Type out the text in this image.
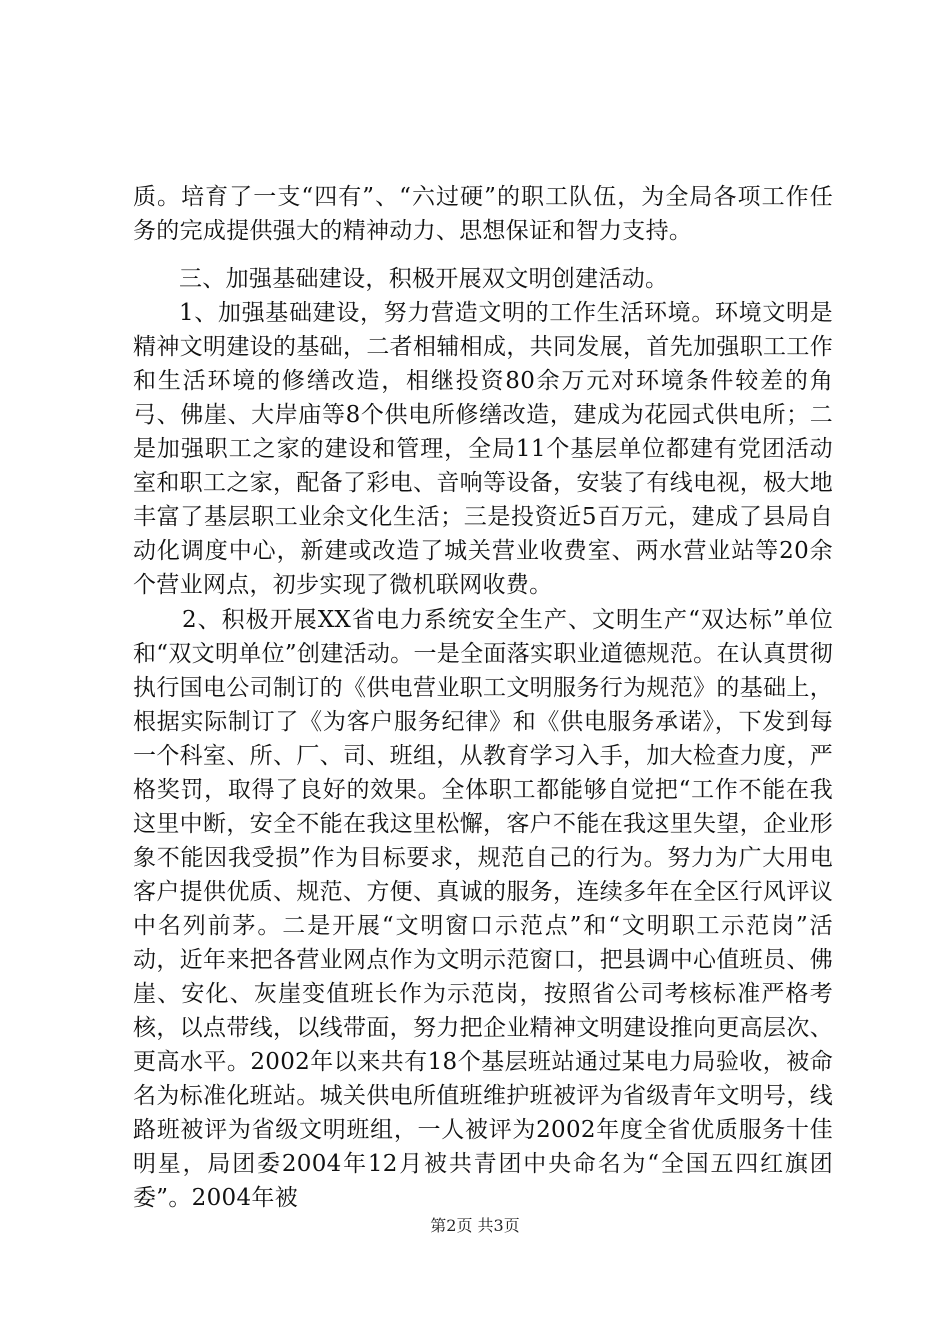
质。培育了一支“四有”、“六过硬”的职工队伍，为全局各项工作任务的完成提供强大的精神动力、思想保证和智力支持。

三、加强基础建设，积极开展双文明创建活动。

1、加强基础建设，努力营造文明的工作生活环境。环境文明是精神文明建设的基础，二者相辅相成，共同发展，首先加强职工工作和生活环境的修缮改造，相继投资80余万元对环境条件较差的角弓、佛崖、大岸庙等8个供电所修缮改造，建成为花园式供电所；二是加强职工之家的建设和管理，全局11个基层单位都建有党团活动室和职工之家，配备了彩电、音响等设备，安装了有线电视，极大地丰富了基层职工业余文化生活；三是投资近5百万元，建成了县局自动化调度中心，新建或改造了城关营业收费室、两水营业站等20余个营业网点，初步实现了微机联网收费。

2、积极开展XX省电力系统安全生产、文明生产“双达标”单位和“双文明单位”创建活动。一是全面落实职业道德规范。在认真贯彻执行国电公司制订的《供电营业职工文明服务行为规范》的基础上，根据实际制订了《为客户服务纪律》和《供电服务承诺》，下发到每一个科室、所、厂、司、班组，从教育学习入手，加大检查力度，严格奖罚，取得了良好的效果。全体职工都能够自觉把“工作不能在我这里中断，安全不能在我这里松懈，客户不能在我这里失望，企业形象不能因我受损”作为目标要求，规范自己的行为。努力为广大用电客户提供优质、规范、方便、真诚的服务，连续多年在全区行风评议中名列前茅。二是开展“文明窗口示范点”和“文明职工示范岗”活动，近年来把各营业网点作为文明示范窗口，把县调中心值班员、佛崖、安化、灰崖变值班长作为示范岗，按照省公司考核标准严格考核，以点带线，以线带面，努力把企业精神文明建设推向更高层次、更高水平。2002年以来共有18个基层班站通过某电力局验收，被命名为标准化班站。城关供电所值班维护班被评为省级青年文明号，线路班被评为省级文明班组，一人被评为2002年度全省优质服务十佳明星，局团委2004年12月被共青团中央命名为“全国五四红旗团委”。2004年被

第2页 共3页
